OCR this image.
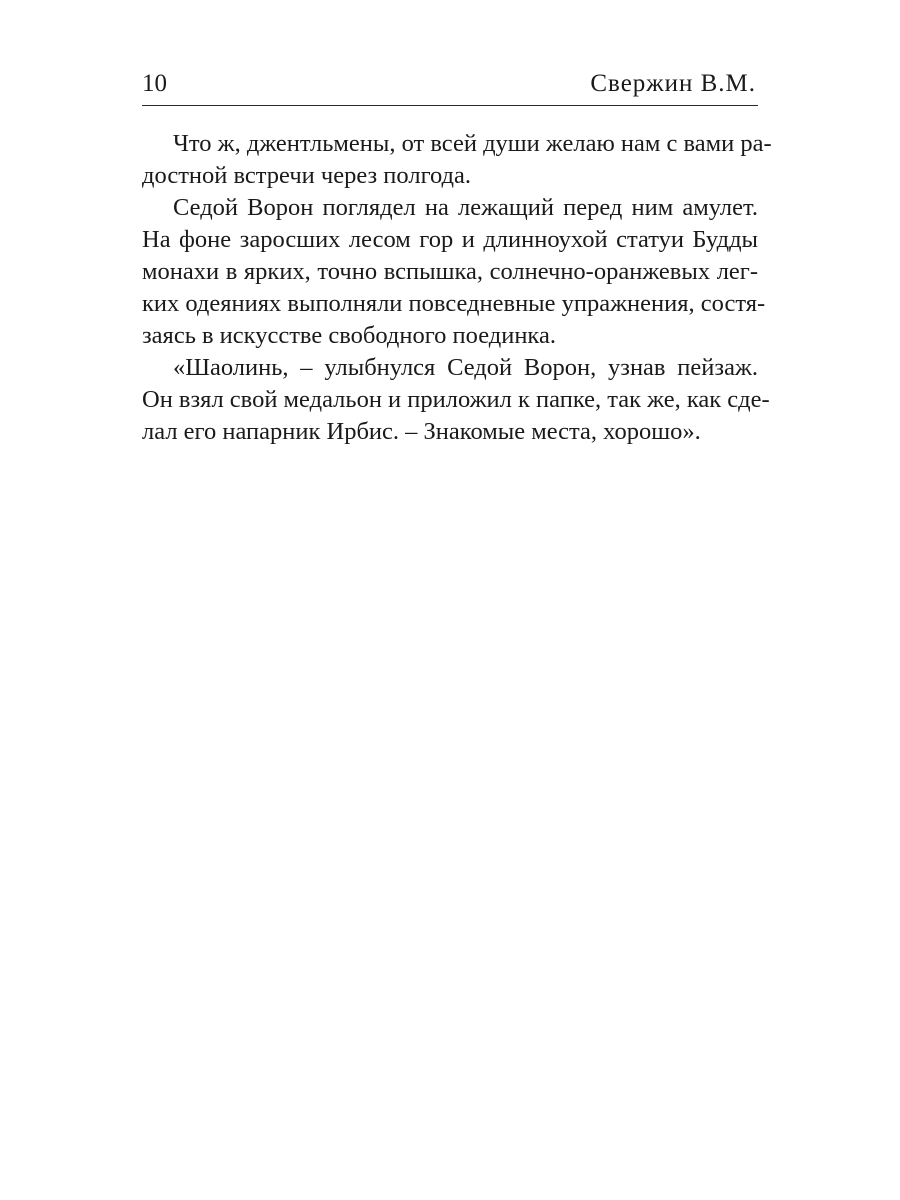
10	Свержин В.М.
Что ж, джентльмены, от всей души желаю нам с вами ра-
достной встречи через полгода.
Седой Ворон поглядел на лежащий перед ним амулет.
На фоне заросших лесом гор и длинноухой статуи Будды
монахи в ярких, точно вспышка, солнечно-оранжевых лег-
ких одеяниях выполняли повседневные упражнения, состя-
заясь в искусстве свободного поединка.
«Шаолинь, – улыбнулся Седой Ворон, узнав пейзаж.
Он взял свой медальон и приложил к папке, так же, как сде-
лал его напарник Ирбис. – Знакомые места, хорошо».
